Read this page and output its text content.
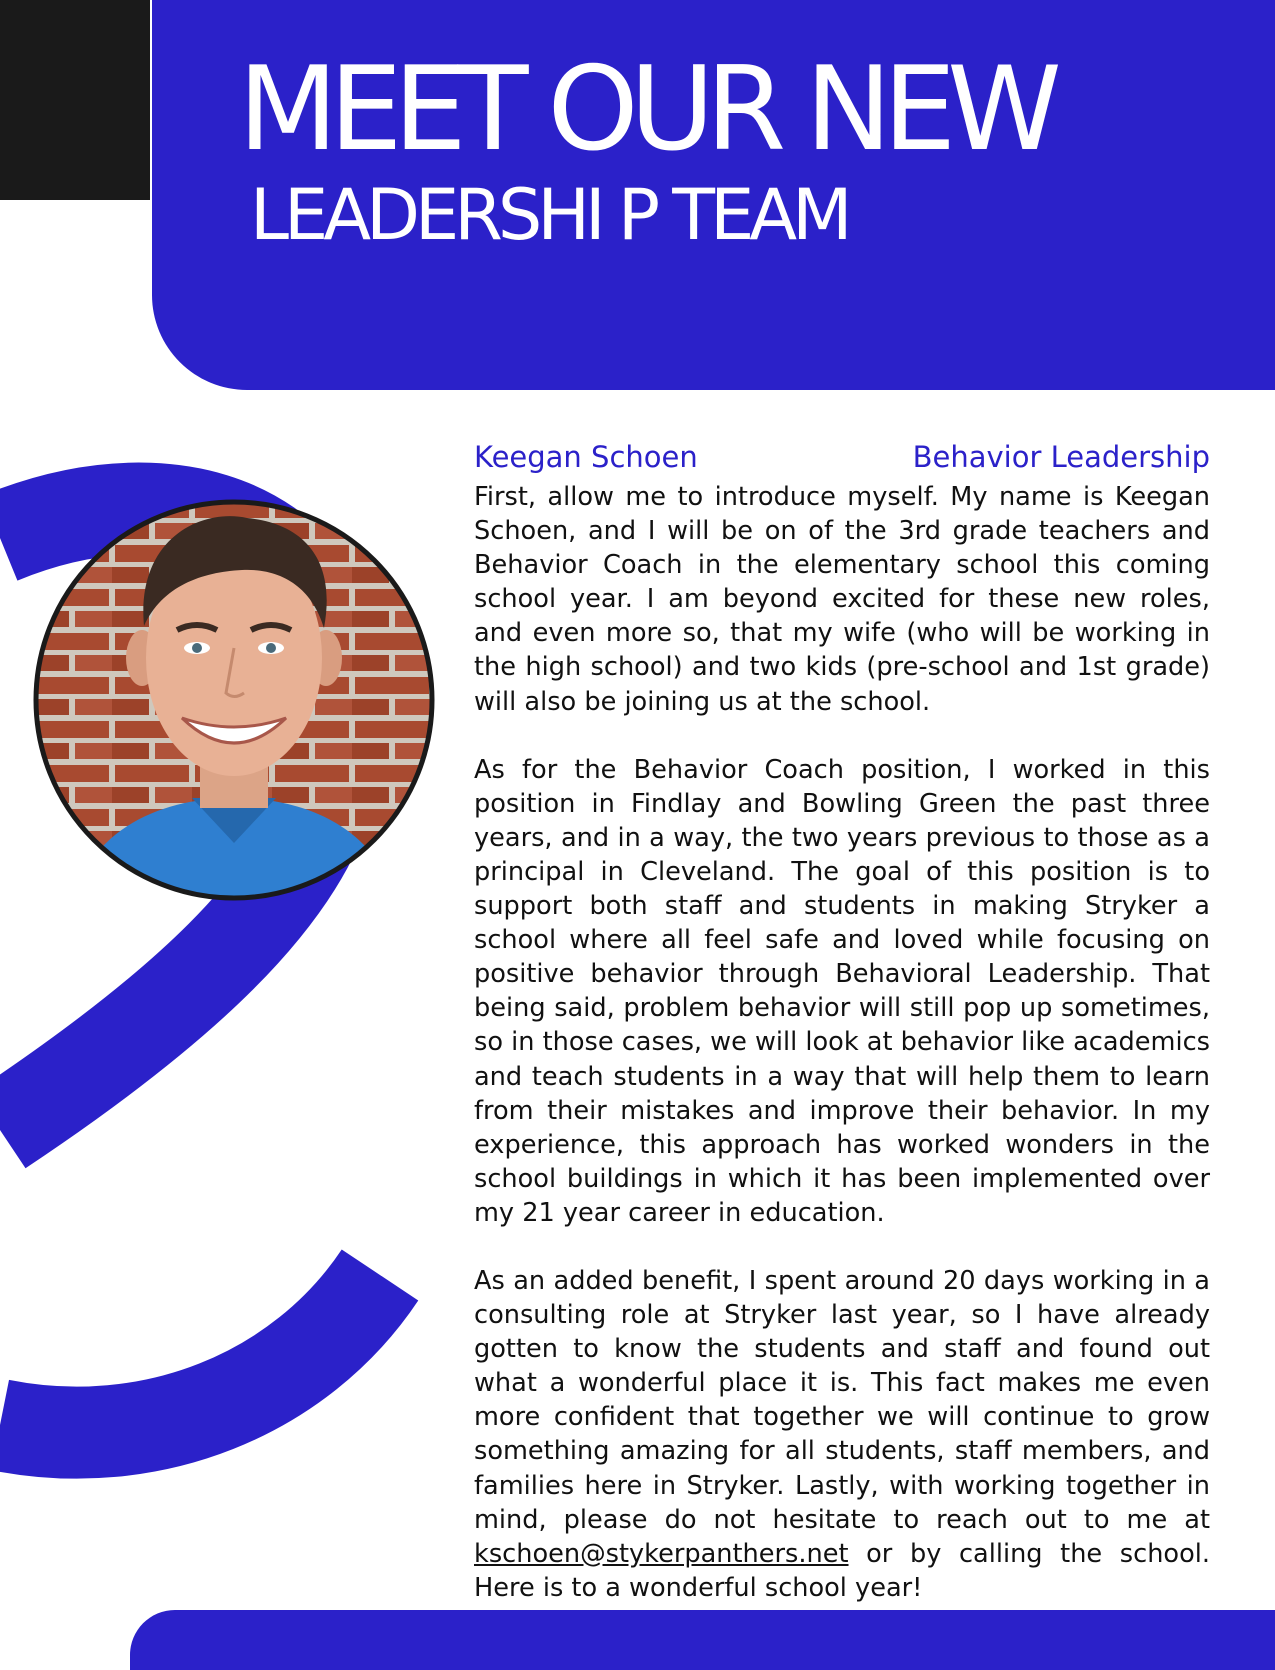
MEET OUR NEW
LEADERSHI P TEAM
Keegan Schoen	Behavior Leadership

First, allow me to introduce myself. My name is Keegan Schoen, and I will be on of the 3rd grade teachers and Behavior Coach in the elementary school this coming school year. I am beyond excited for these new roles, and even more so, that my wife (who will be working in the high school) and two kids (pre-school and 1st grade) will also be joining us at the school.

As for the Behavior Coach position, I worked in this position in Findlay and Bowling Green the past three years, and in a way, the two years previous to those as a principal in Cleveland. The goal of this position is to support both staff and students in making Stryker a school where all feel safe and loved while focusing on positive behavior through Behavioral Leadership. That being said, problem behavior will still pop up sometimes, so in those cases, we will look at behavior like academics and teach students in a way that will help them to learn from their mistakes and improve their behavior. In my experience, this approach has worked wonders in the school buildings in which it has been implemented over my 21 year career in education.

As an added benefit, I spent around 20 days working in a consulting role at Stryker last year, so I have already gotten to know the students and staff and found out what a wonderful place it is. This fact makes me even more confident that together we will continue to grow something amazing for all students, staff members, and families here in Stryker. Lastly, with working together in mind, please do not hesitate to reach out to me at kschoen@stykerpanthers.net or by calling the school. Here is to a wonderful school year!
